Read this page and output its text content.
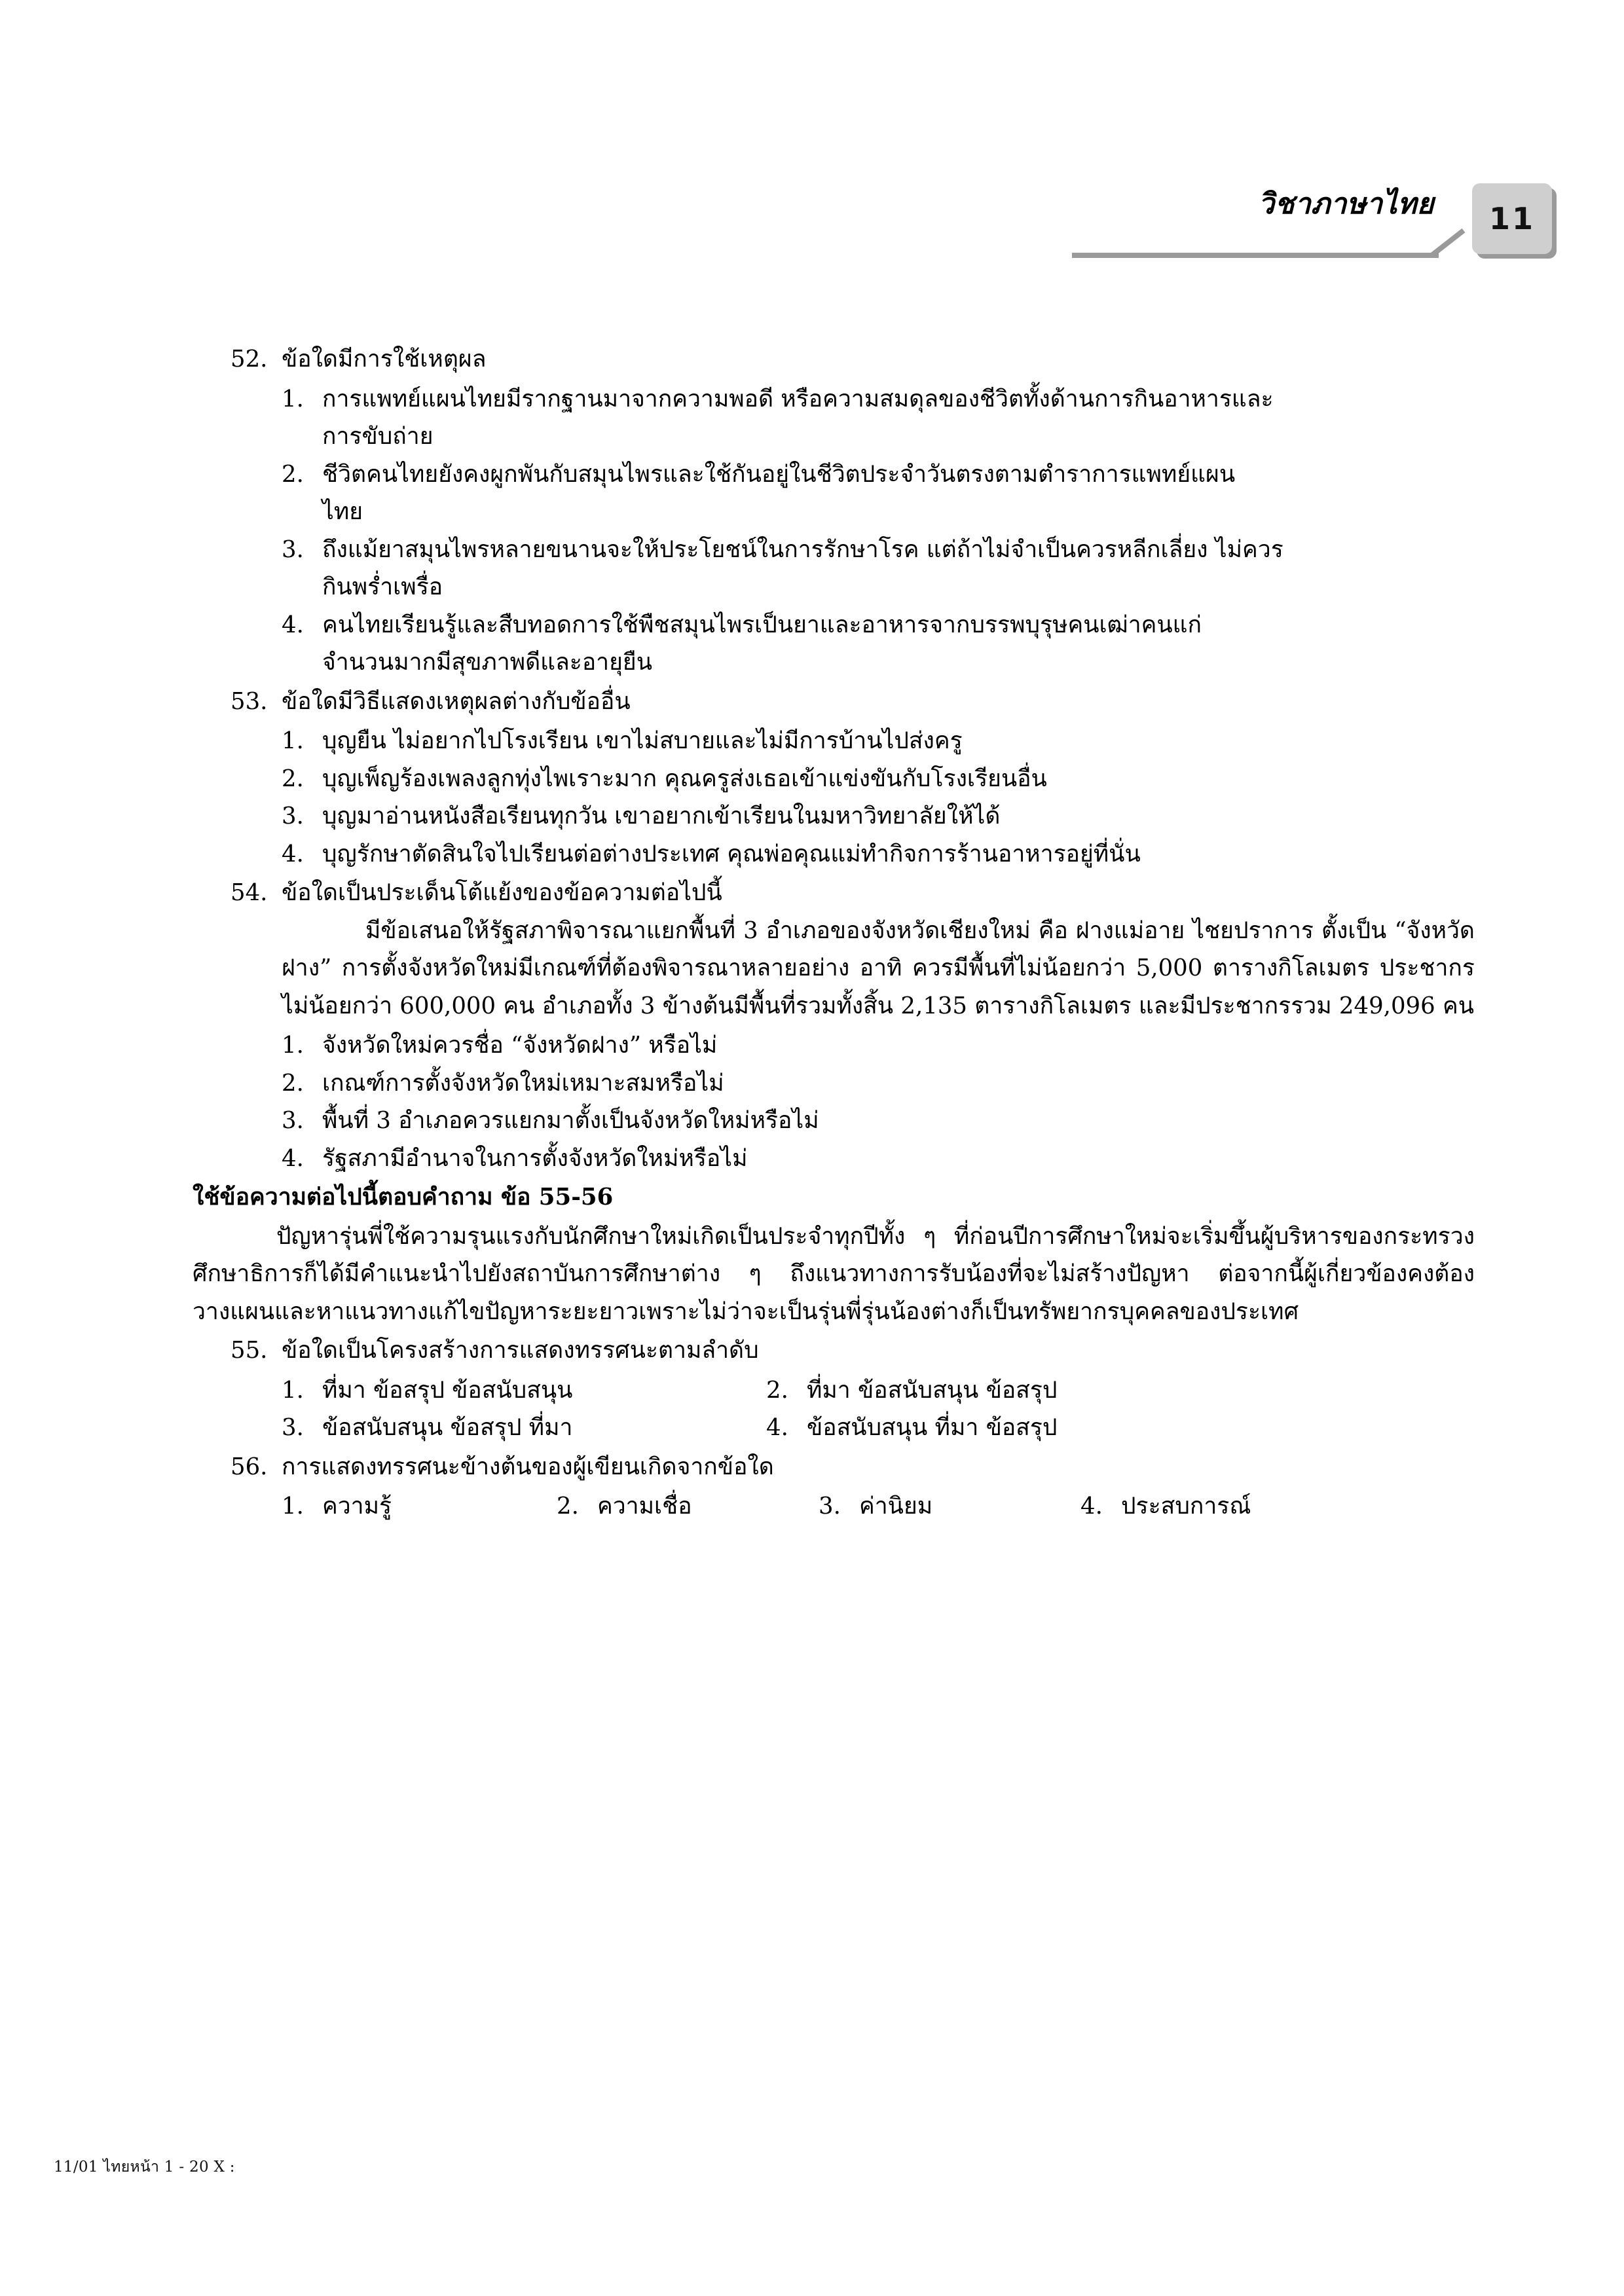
วิชาภาษาไทย 11
52. ข้อใดมีการใช้เหตุผล
1. การแพทย์แผนไทยมีรากฐานมาจากความพอดี หรือความสมดุลของชีวิตทั้งด้านการกินอาหารและ
การขับถ่าย
2. ชีวิตคนไทยยังคงผูกพันกับสมุนไพรและใช้กันอยู่ในชีวิตประจำวันตรงตามตำราการแพทย์แผน
ไทย
3. ถึงแม้ยาสมุนไพรหลายขนานจะให้ประโยชน์ในการรักษาโรค แต่ถ้าไม่จำเป็นควรหลีกเลี่ยง ไม่ควร
กินพร่ำเพรื่อ
4. คนไทยเรียนรู้และสืบทอดการใช้พืชสมุนไพรเป็นยาและอาหารจากบรรพบุรุษคนเฒ่าคนแก่
จำนวนมากมีสุขภาพดีและอายุยืน
53. ข้อใดมีวิธีแสดงเหตุผลต่างกับข้ออื่น
1. บุญยืน ไม่อยากไปโรงเรียน เขาไม่สบายและไม่มีการบ้านไปส่งครู
2. บุญเพ็ญร้องเพลงลูกทุ่งไพเราะมาก คุณครูส่งเธอเข้าแข่งขันกับโรงเรียนอื่น
3. บุญมาอ่านหนังสือเรียนทุกวัน เขาอยากเข้าเรียนในมหาวิทยาลัยให้ได้
4. บุญรักษาตัดสินใจไปเรียนต่อต่างประเทศ คุณพ่อคุณแม่ทำกิจการร้านอาหารอยู่ที่นั่น
54. ข้อใดเป็นประเด็นโต้แย้งของข้อความต่อไปนี้
มีข้อเสนอให้รัฐสภาพิจารณาแยกพื้นที่ 3 อำเภอของจังหวัดเชียงใหม่ คือ ฝางแม่อาย ไชยปราการ ตั้งเป็น “จังหวัดฝาง” การตั้งจังหวัดใหม่มีเกณฑ์ที่ต้องพิจารณาหลายอย่าง อาทิ ควรมีพื้นที่ไม่น้อยกว่า 5,000 ตารางกิโลเมตร ประชากรไม่น้อยกว่า 600,000 คน อำเภอทั้ง 3 ข้างต้นมีพื้นที่รวมทั้งสิ้น 2,135 ตารางกิโลเมตร และมีประชากรรวม 249,096 คน
1. จังหวัดใหม่ควรชื่อ “จังหวัดฝาง” หรือไม่
2. เกณฑ์การตั้งจังหวัดใหม่เหมาะสมหรือไม่
3. พื้นที่ 3 อำเภอควรแยกมาตั้งเป็นจังหวัดใหม่หรือไม่
4. รัฐสภามีอำนาจในการตั้งจังหวัดใหม่หรือไม่
ใช้ข้อความต่อไปนี้ตอบคำถาม ข้อ 55-56
ปัญหารุ่นพี่ใช้ความรุนแรงกับนักศึกษาใหม่เกิดเป็นประจำทุกปีทั้ง ๆ ที่ก่อนปีการศึกษาใหม่จะเริ่มขึ้นผู้บริหารของกระทรวงศึกษาธิการก็ได้มีคำแนะนำไปยังสถาบันการศึกษาต่าง ๆ ถึงแนวทางการรับน้องที่จะไม่สร้างปัญหา ต่อจากนี้ผู้เกี่ยวข้องคงต้องวางแผนและหาแนวทางแก้ไขปัญหาระยะยาวเพราะไม่ว่าจะเป็นรุ่นพี่รุ่นน้องต่างก็เป็นทรัพยากรบุคคลของประเทศ
55. ข้อใดเป็นโครงสร้างการแสดงทรรศนะตามลำดับ
1. ที่มา ข้อสรุป ข้อสนับสนุน	2. ที่มา ข้อสนับสนุน ข้อสรุป
3. ข้อสนับสนุน ข้อสรุป ที่มา	4. ข้อสนับสนุน ที่มา ข้อสรุป
56. การแสดงทรรศนะข้างต้นของผู้เขียนเกิดจากข้อใด
1. ความรู้	2. ความเชื่อ	3. ค่านิยม	4. ประสบการณ์
11/01 ไทยหน้า 1 - 20 X :
